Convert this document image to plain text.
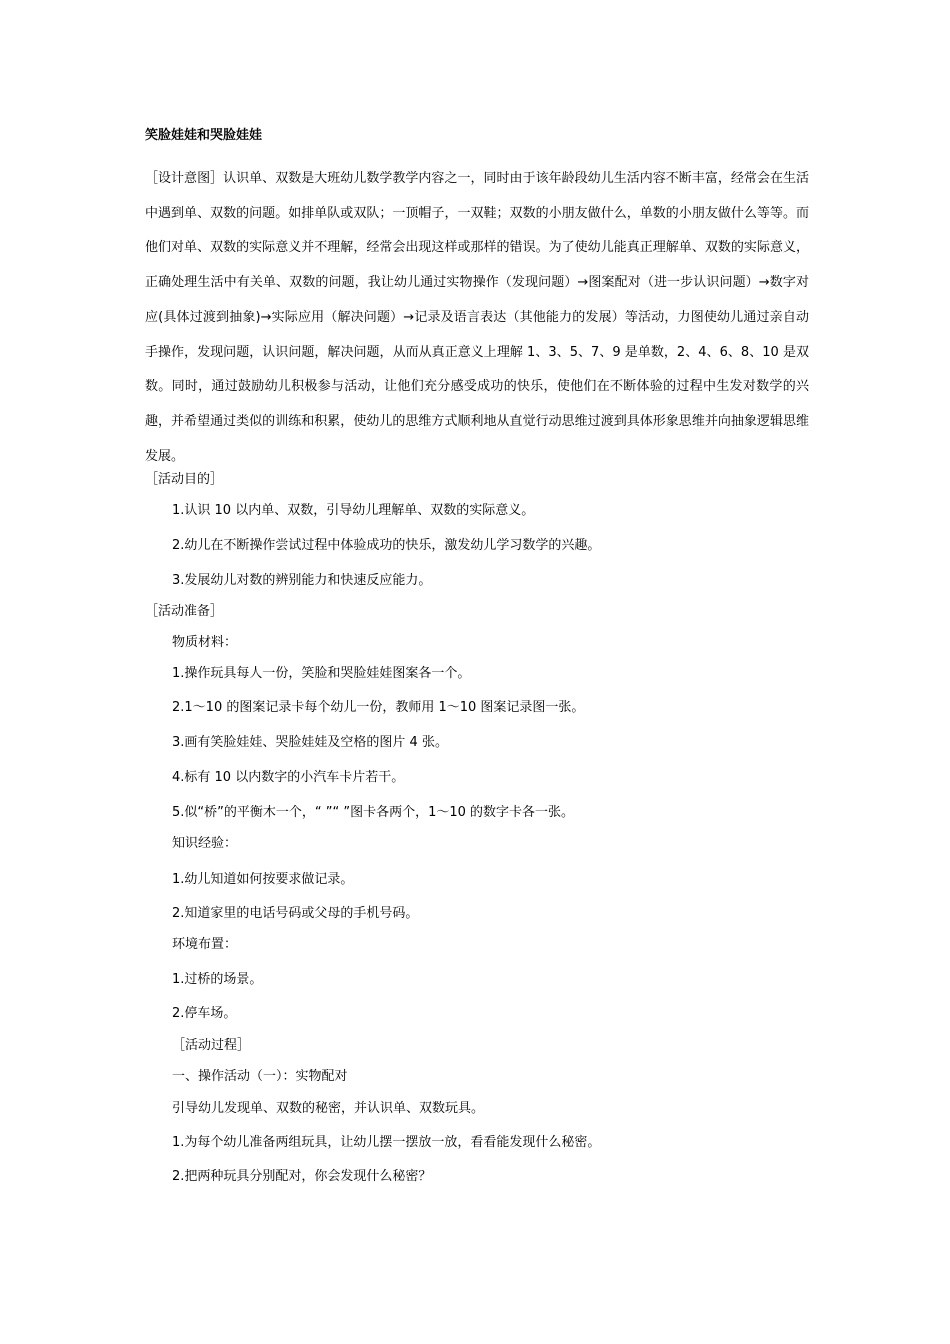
笑脸娃娃和哭脸娃娃
［设计意图］认识单、双数是大班幼儿数学教学内容之一，同时由于该年龄段幼儿生活内容不断丰富，经常会在生活中遇到单、双数的问题。如排单队或双队；一顶帽子，一双鞋；双数的小朋友做什么，单数的小朋友做什么等等。而他们对单、双数的实际意义并不理解，经常会出现这样或那样的错误。为了使幼儿能真正理解单、双数的实际意义，正确处理生活中有关单、双数的问题，我让幼儿通过实物操作（发现问题）→图案配对（进一步认识问题）→数字对应(具体过渡到抽象)→实际应用（解决问题）→记录及语言表达（其他能力的发展）等活动，力图使幼儿通过亲自动手操作，发现问题，认识问题，解决问题，从而从真正意义上理解 1、3、5、7、9 是单数，2、4、6、8、10 是双数。同时，通过鼓励幼儿积极参与活动，让他们充分感受成功的快乐，使他们在不断体验的过程中生发对数学的兴趣，并希望通过类似的训练和积累，使幼儿的思维方式顺利地从直觉行动思维过渡到具体形象思维并向抽象逻辑思维发展。
［活动目的］
1.认识 10 以内单、双数，引导幼儿理解单、双数的实际意义。
2.幼儿在不断操作尝试过程中体验成功的快乐，激发幼儿学习数学的兴趣。
3.发展幼儿对数的辨别能力和快速反应能力。
［活动准备］
物质材料：
1.操作玩具每人一份，笑脸和哭脸娃娃图案各一个。
2.1～10 的图案记录卡每个幼儿一份，教师用 1～10 图案记录图一张。
3.画有笑脸娃娃、哭脸娃娃及空格的图片 4 张。
4.标有 10 以内数字的小汽车卡片若干。
5.似“桥”的平衡木一个，“ ”“ ”图卡各两个，1～10 的数字卡各一张。
知识经验：
1.幼儿知道如何按要求做记录。
2.知道家里的电话号码或父母的手机号码。
环境布置：
1.过桥的场景。
2.停车场。
［活动过程］
一、操作活动（一）：实物配对
引导幼儿发现单、双数的秘密，并认识单、双数玩具。
1.为每个幼儿准备两组玩具，让幼儿摆一摆放一放，看看能发现什么秘密。
2.把两种玩具分别配对，你会发现什么秘密？
